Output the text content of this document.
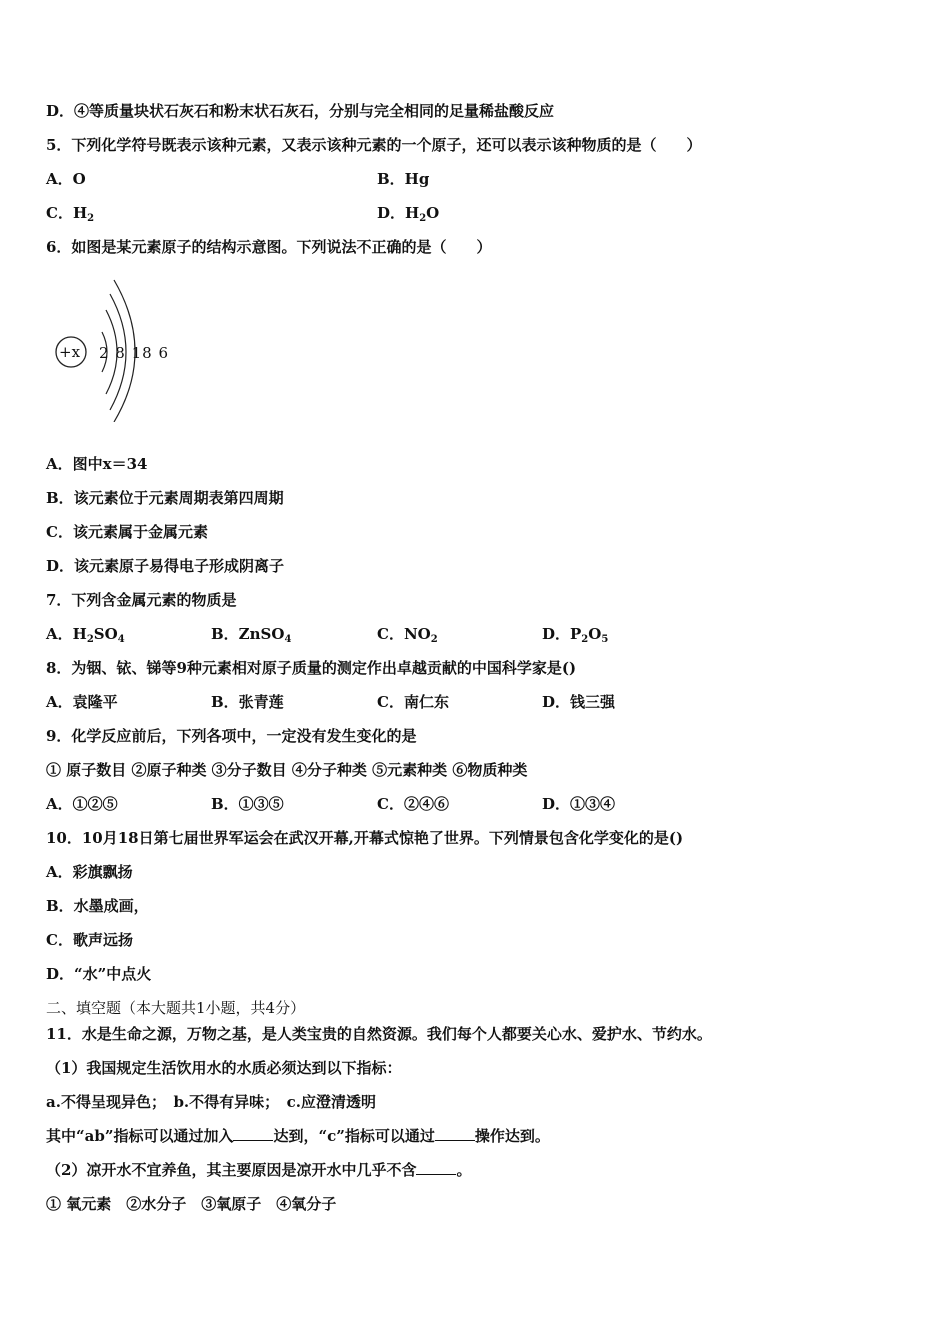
D．④等质量块状石灰石和粉末状石灰石，分别与完全相同的足量稀盐酸反应
5．下列化学符号既表示该种元素，又表示该种元素的一个原子，还可以表示该种物质的是（　　）
A．O	B．Hg
C．$H_2$	D．$H_2O$
6．如图是某元素原子的结构示意图。下列说法不正确的是（　　）
+x 2 8 18 6
A．图中x＝34
B．该元素位于元素周期表第四周期
C．该元素属于金属元素
D．该元素原子易得电子形成阴离子
7．下列含金属元素的物质是
A．$H_2SO_4$	B．ZnSO$_4$	C．$NO_2$	D．$P_2O_5$
8．为铟、铱、锑等9种元素相对原子质量的测定作出卓越贡献的中国科学家是()
A．袁隆平	B．张青莲	C．南仁东	D．钱三强
9．化学反应前后，下列各项中，一定没有发生变化的是
① 原子数目 ②原子种类 ③分子数目 ④分子种类 ⑤元素种类 ⑥物质种类
A．①②⑤	B．①③⑤	C．②④⑥	D．①③④
10．10月18日第七届世界军运会在武汉开幕,开幕式惊艳了世界。下列情景包含化学变化的是()
A．彩旗飘扬
B．水墨成画，
C．歌声远扬
D．“水”中点火
二、填空题（本大题共1小题，共4分）
11．水是生命之源，万物之基，是人类宝贵的自然资源。我们每个人都要关心水、爱护水、节约水。
（1）我国规定生活饮用水的水质必须达到以下指标：
a.不得呈现异色；　b.不得有异味；　c.应澄清透明
其中“ab”指标可以通过加入	达到，“c”指标可以通过	操作达到。
（2）凉开水不宜养鱼，其主要原因是凉开水中几乎不含	。
① 氧元素　②水分子　③氧原子　④氧分子
